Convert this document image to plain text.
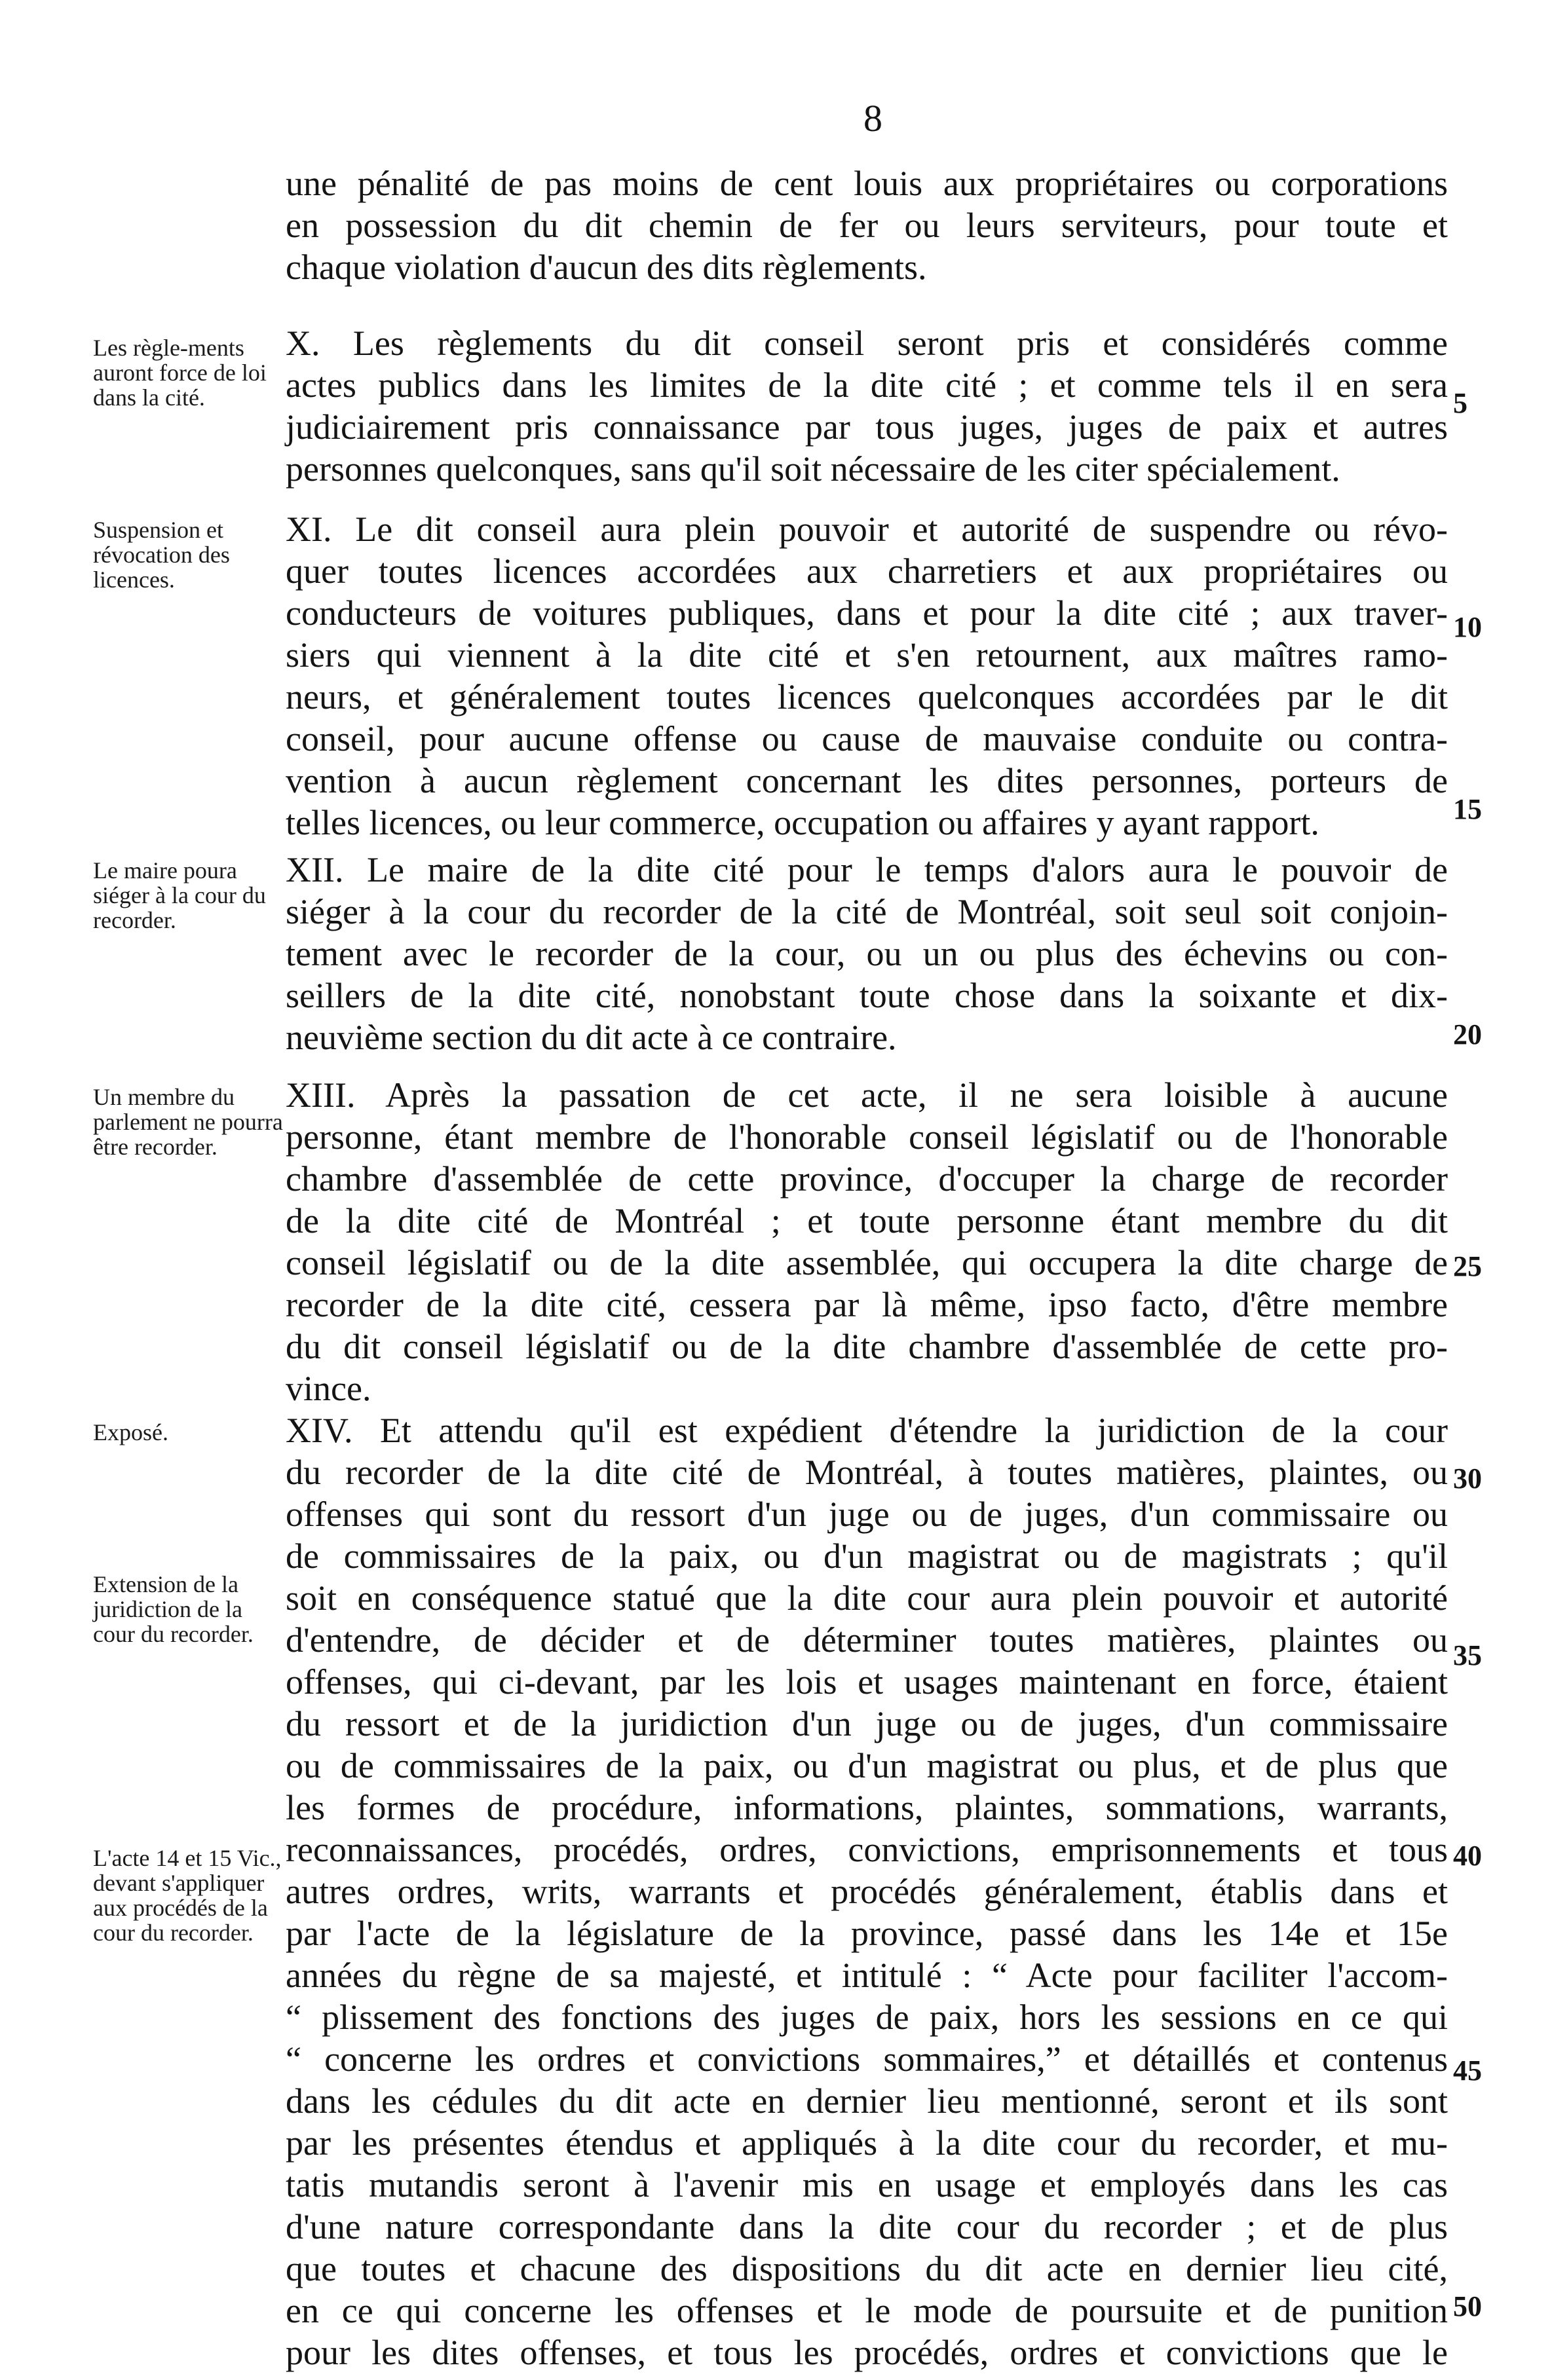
8
une pénalité de pas moins de cent louis aux propriétaires ou corporations
en possession du dit chemin de fer ou leurs serviteurs, pour toute et
chaque violation d'aucun des dits règlements.
Les règle-ments auront force de loi dans la cité.
X. Les règlements du dit conseil seront pris et considérés comme
actes publics dans les limites de la dite cité ; et comme tels il en sera
judiciairement pris connaissance par tous juges, juges de paix et autres
personnes quelconques, sans qu'il soit nécessaire de les citer spécialement.
Suspension et révocation des licences.
XI. Le dit conseil aura plein pouvoir et autorité de suspendre ou révo-
quer toutes licences accordées aux charretiers et aux propriétaires ou
conducteurs de voitures publiques, dans et pour la dite cité ; aux traver-
siers qui viennent à la dite cité et s'en retournent, aux maîtres ramo-
neurs, et généralement toutes licences quelconques accordées par le dit
conseil, pour aucune offense ou cause de mauvaise conduite ou contra-
vention à aucun règlement concernant les dites personnes, porteurs de
telles licences, ou leur commerce, occupation ou affaires y ayant rapport.
Le maire poura siéger à la cour du recorder.
XII. Le maire de la dite cité pour le temps d'alors aura le pouvoir de
siéger à la cour du recorder de la cité de Montréal, soit seul soit conjoin-
tement avec le recorder de la cour, ou un ou plus des échevins ou con-
seillers de la dite cité, nonobstant toute chose dans la soixante et dix-
neuvième section du dit acte à ce contraire.
Un membre du parlement ne pourra être recorder.
XIII. Après la passation de cet acte, il ne sera loisible à aucune
personne, étant membre de l'honorable conseil législatif ou de l'honorable
chambre d'assemblée de cette province, d'occuper la charge de recorder
de la dite cité de Montréal ; et toute personne étant membre du dit
conseil législatif ou de la dite assemblée, qui occupera la dite charge de
recorder de la dite cité, cessera par là même, ipso facto, d'être membre
du dit conseil législatif ou de la dite chambre d'assemblée de cette pro-
vince.
Exposé.
Extension de la juridiction de la cour du recorder.
L'acte 14 et 15 Vic., devant s'appliquer aux procédés de la cour du recorder.
XIV. Et attendu qu'il est expédient d'étendre la juridiction de la cour
du recorder de la dite cité de Montréal, à toutes matières, plaintes, ou
offenses qui sont du ressort d'un juge ou de juges, d'un commissaire ou
de commissaires de la paix, ou d'un magistrat ou de magistrats ; qu'il
soit en conséquence statué que la dite cour aura plein pouvoir et autorité
d'entendre, de décider et de déterminer toutes matières, plaintes ou
offenses, qui ci-devant, par les lois et usages maintenant en force, étaient
du ressort et de la juridiction d'un juge ou de juges, d'un commissaire
ou de commissaires de la paix, ou d'un magistrat ou plus, et de plus que
les formes de procédure, informations, plaintes, sommations, warrants,
reconnaissances, procédés, ordres, convictions, emprisonnements et tous
autres ordres, writs, warrants et procédés généralement, établis dans et
par l'acte de la législature de la province, passé dans les 14e et 15e
années du règne de sa majesté, et intitulé : “ Acte pour faciliter l'accom-
“ plissement des fonctions des juges de paix, hors les sessions en ce qui
“ concerne les ordres et convictions sommaires,” et détaillés et contenus
dans les cédules du dit acte en dernier lieu mentionné, seront et ils sont
par les présentes étendus et appliqués à la dite cour du recorder, et mu-
tatis mutandis seront à l'avenir mis en usage et employés dans les cas
d'une nature correspondante dans la dite cour du recorder ; et de plus
que toutes et chacune des dispositions du dit acte en dernier lieu cité,
en ce qui concerne les offenses et le mode de poursuite et de punition
pour les dites offenses, et tous les procédés, ordres et convictions que le
5
10
15
20
25
30
35
40
45
50
